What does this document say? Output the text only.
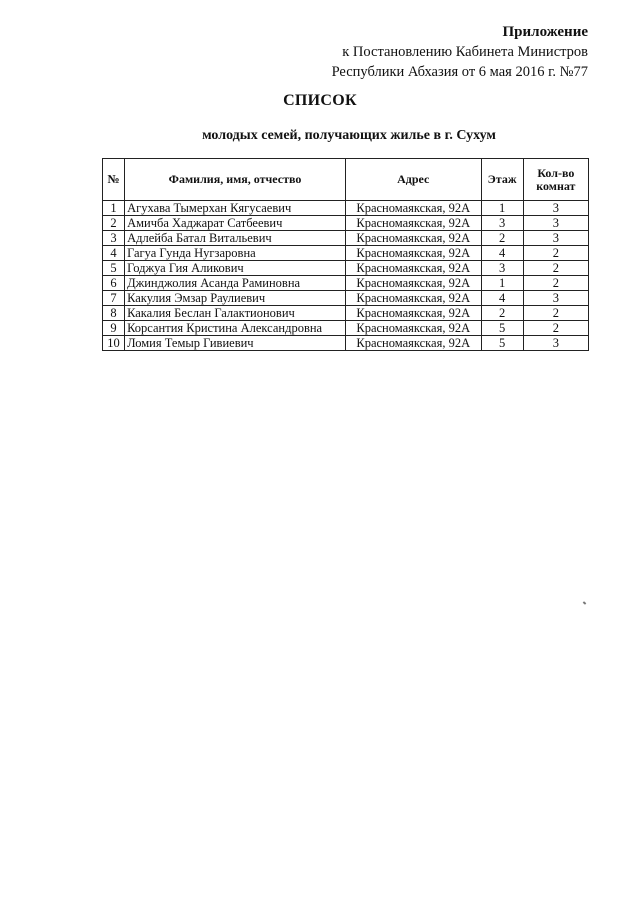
Приложение
к Постановлению Кабинета Министров
Республики Абхазия от 6 мая 2016 г. №77
СПИСОК
молодых семей, получающих жилье в г. Сухум
№	Фамилия, имя, отчество	Адрес	Этаж	Кол-во комнат
1	Агухава Тымерхан Кягусаевич	Красномаякская, 92А	1	3
2	Амичба Хаджарат Сатбеевич	Красномаякская, 92А	3	3
3	Адлейба Батал Витальевич	Красномаякская, 92А	2	3
4	Гагуа Гунда Нугзаровна	Красномаякская, 92А	4	2
5	Годжуа Гия Аликович	Красномаякская, 92А	3	2
6	Джинджолия Асанда Раминовна	Красномаякская, 92А	1	2
7	Какулия Эмзар Раулиевич	Красномаякская, 92А	4	3
8	Какалия Беслан Галактионович	Красномаякская, 92А	2	2
9	Корсантия Кристина Александровна	Красномаякская, 92А	5	2
10	Ломия Темыр Гивиевич	Красномаякская, 92А	5	3
